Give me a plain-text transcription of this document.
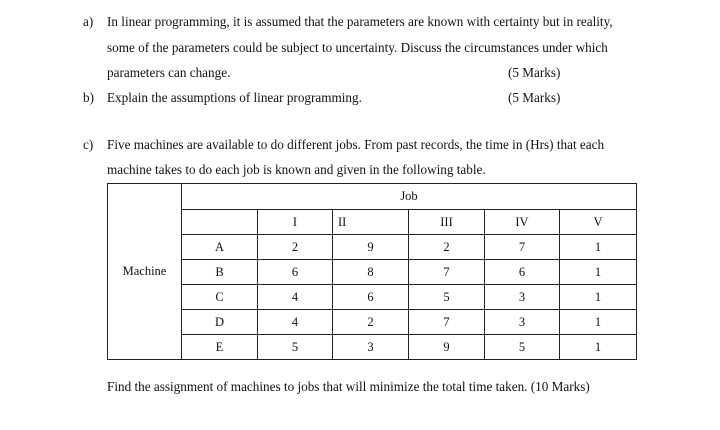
a) In linear programming, it is assumed that the parameters are known with certainty but in reality,
some of the parameters could be subject to uncertainty. Discuss the circumstances under which
parameters can change.	(5 Marks)
b) Explain the assumptions of linear programming.	(5 Marks)
c) Five machines are available to do different jobs. From past records, the time in (Hrs) that each
machine takes to do each job is known and given in the following table.
Machine	Job					
		I	II	III	IV	V
	A	2	9	2	7	1
	B	6	8	7	6	1
	C	4	6	5	3	1
	D	4	2	7	3	1
	E	5	3	9	5	1
Find the assignment of machines to jobs that will minimize the total time taken. (10 Marks)
